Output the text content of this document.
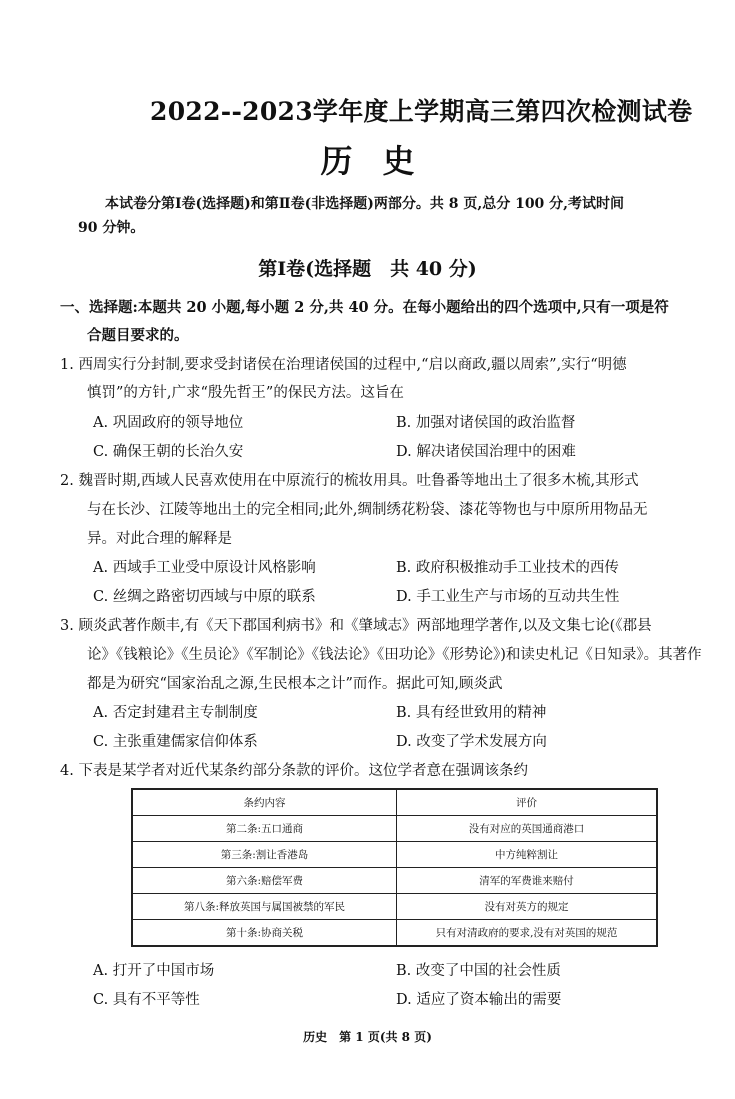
2022--2023学年度上学期高三第四次检测试卷
历史
本试卷分第Ⅰ卷(选择题)和第Ⅱ卷(非选择题)两部分。共 8 页,总分 100 分,考试时间
90 分钟。
第Ⅰ卷(选择题　共 40 分)
一、选择题:本题共 20 小题,每小题 2 分,共 40 分。在每小题给出的四个选项中,只有一项是符
合题目要求的。
1. 西周实行分封制,要求受封诸侯在治理诸侯国的过程中,“启以商政,疆以周索”,实行“明德
慎罚”的方针,广求“殷先哲王”的保民方法。这旨在
A. 巩固政府的领导地位	B. 加强对诸侯国的政治监督
C. 确保王朝的长治久安	D. 解决诸侯国治理中的困难
2. 魏晋时期,西域人民喜欢使用在中原流行的梳妆用具。吐鲁番等地出土了很多木梳,其形式
与在长沙、江陵等地出土的完全相同;此外,绸制绣花粉袋、漆花等物也与中原所用物品无
异。对此合理的解释是
A. 西域手工业受中原设计风格影响	B. 政府积极推动手工业技术的西传
C. 丝绸之路密切西域与中原的联系	D. 手工业生产与市场的互动共生性
3. 顾炎武著作颇丰,有《天下郡国利病书》和《肇域志》两部地理学著作,以及文集七论(《郡县
论》《钱粮论》《生员论》《军制论》《钱法论》《田功论》《形势论》)和读史札记《日知录》。其著作
都是为研究“国家治乱之源,生民根本之计”而作。据此可知,顾炎武
A. 否定封建君主专制制度	B. 具有经世致用的精神
C. 主张重建儒家信仰体系	D. 改变了学术发展方向
4. 下表是某学者对近代某条约部分条款的评价。这位学者意在强调该条约
条约内容	评价
第二条:五口通商	没有对应的英国通商港口
第三条:割让香港岛	中方纯粹割让
第六条:赔偿军费	清军的军费谁来赔付
第八条:释放英国与属国被禁的军民	没有对英方的规定
第十条:协商关税	只有对清政府的要求,没有对英国的规范
A. 打开了中国市场	B. 改变了中国的社会性质
C. 具有不平等性	D. 适应了资本输出的需要
历史　第 1 页(共 8 页)
